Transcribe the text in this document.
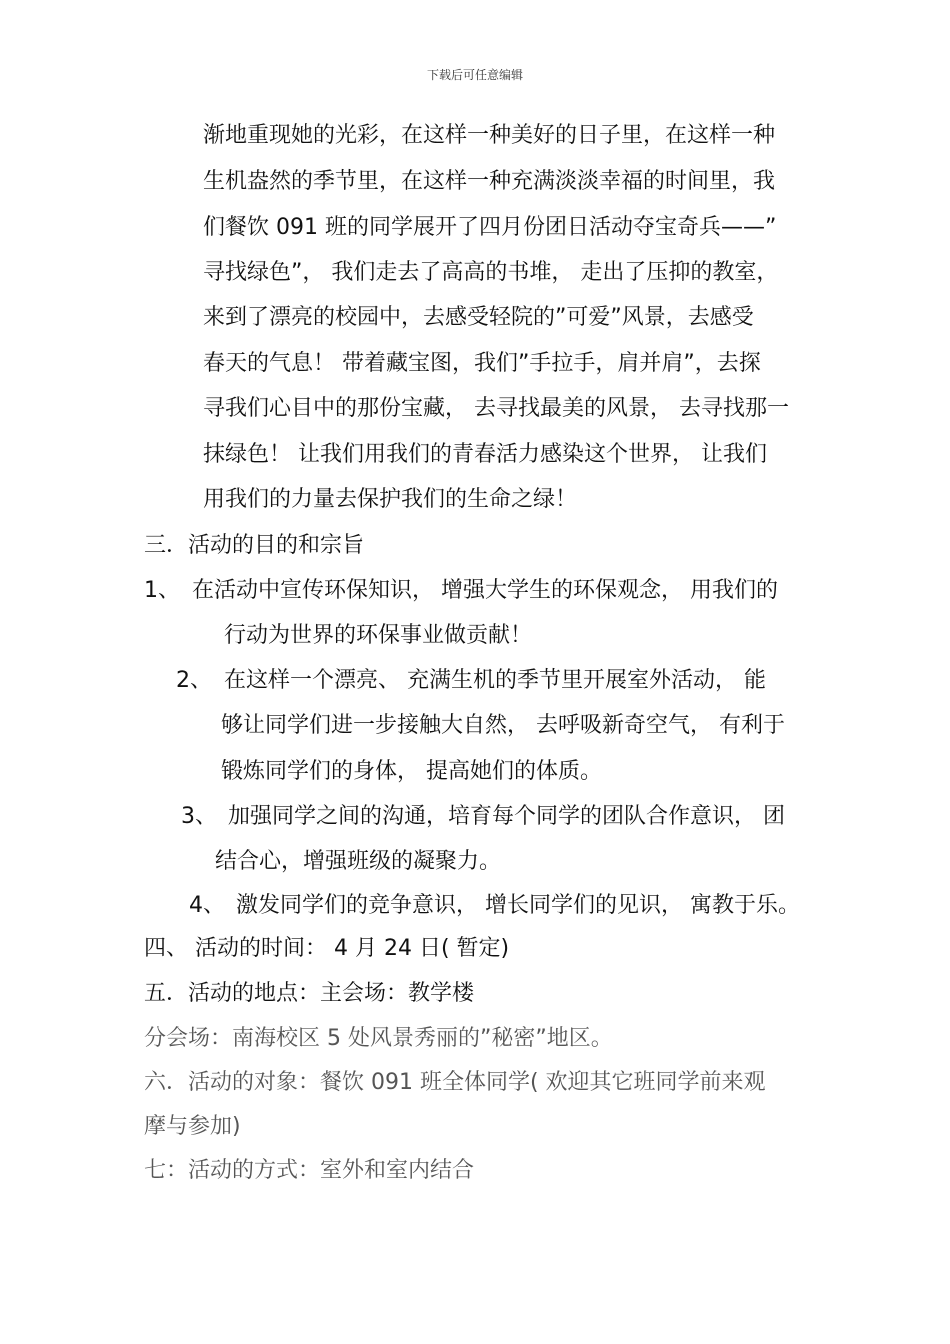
下载后可任意编辑
渐地重现她的光彩，在这样一种美好的日子里，在这样一种
生机盎然的季节里，在这样一种充满淡淡幸福的时间里，我
们餐饮 091 班的同学展开了四月份团日活动夺宝奇兵——”
寻找绿色”， 我们走去了高高的书堆， 走出了压抑的教室，
来到了漂亮的校园中，去感受轻院的”可爱”风景，去感受
春天的气息！ 带着藏宝图，我们”手拉手，肩并肩”，去探
寻我们心目中的那份宝藏， 去寻找最美的风景， 去寻找那一
抹绿色！ 让我们用我们的青春活力感染这个世界， 让我们
用我们的力量去保护我们的生命之绿！
三．活动的目的和宗旨
1、 在活动中宣传环保知识， 增强大学生的环保观念， 用我们的
行动为世界的环保事业做贡献！
2、 在这样一个漂亮、 充满生机的季节里开展室外活动， 能
够让同学们进一步接触大自然， 去呼吸新奇空气， 有利于
锻炼同学们的身体， 提高她们的体质。
3、 加强同学之间的沟通，培育每个同学的团队合作意识， 团
结合心，增强班级的凝聚力。
4、 激发同学们的竞争意识， 增长同学们的见识， 寓教于乐。
四、 活动的时间： 4 月 24 日( 暂定)
五．活动的地点：主会场：教学楼
分会场：南海校区 5 处风景秀丽的”秘密”地区。
六．活动的对象：餐饮 091 班全体同学( 欢迎其它班同学前来观
摩与参加)
七：活动的方式：室外和室内结合
